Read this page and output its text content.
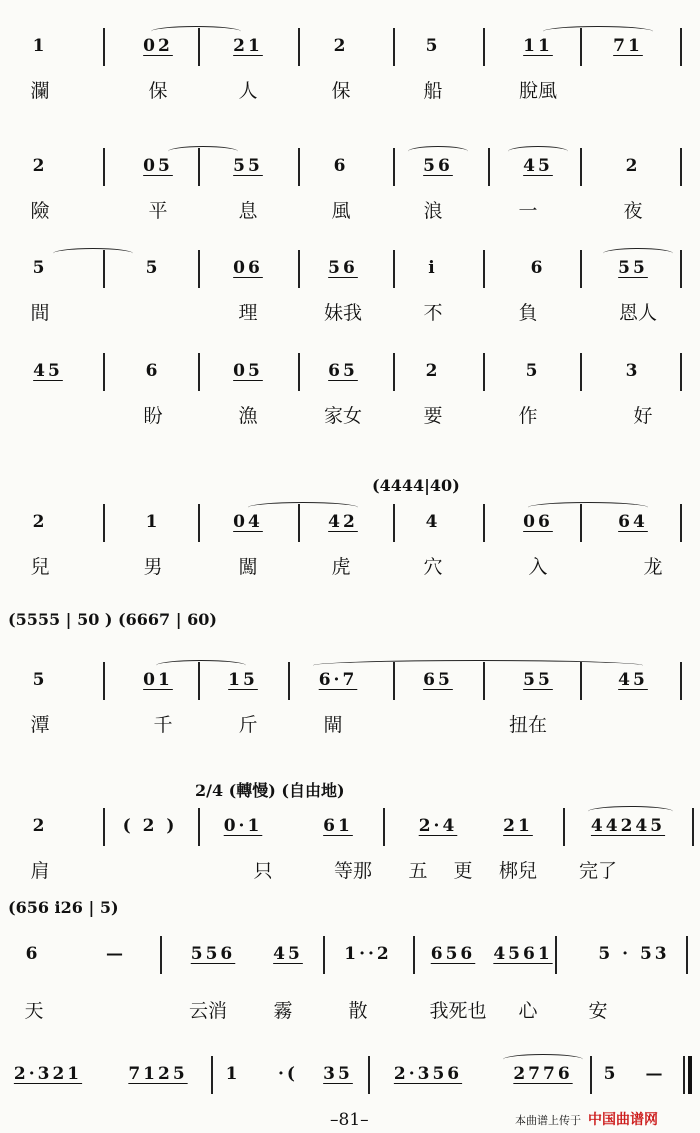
1	02	21	2	5	11	71
瀾	保	人	保	船	脫風
2	05	55	6	56	45	2
險	平	息	風	浪	一	夜
5	5	06	56	i	6	55
間	理	妹我	不	負	恩人
45	6	05	65	2	5	3
盼	漁	家女	要	作	好
(4444|40)
2	1	04	42	4	06	64
兒	男	闖	虎	穴	入	龙
(5555 | 50 ) (6667 | 60)
5	01	15	6·7	65	55	45
潭	千	斤	閘	扭在
2/4 (轉慢) (自由地)
2	( 2 )	0·1	61	2·4	21	44245
肩	只	等那	五 更	梆兒	完了
(656 i26 | 5)
6	—	556	45	1··2	656	4561	5 · 53
天	云消	霧	散	我死也	心	安
2·321	7125	1	·(	35	2·356	2776	5	—
–81–	本曲谱上传于 中国曲谱网
